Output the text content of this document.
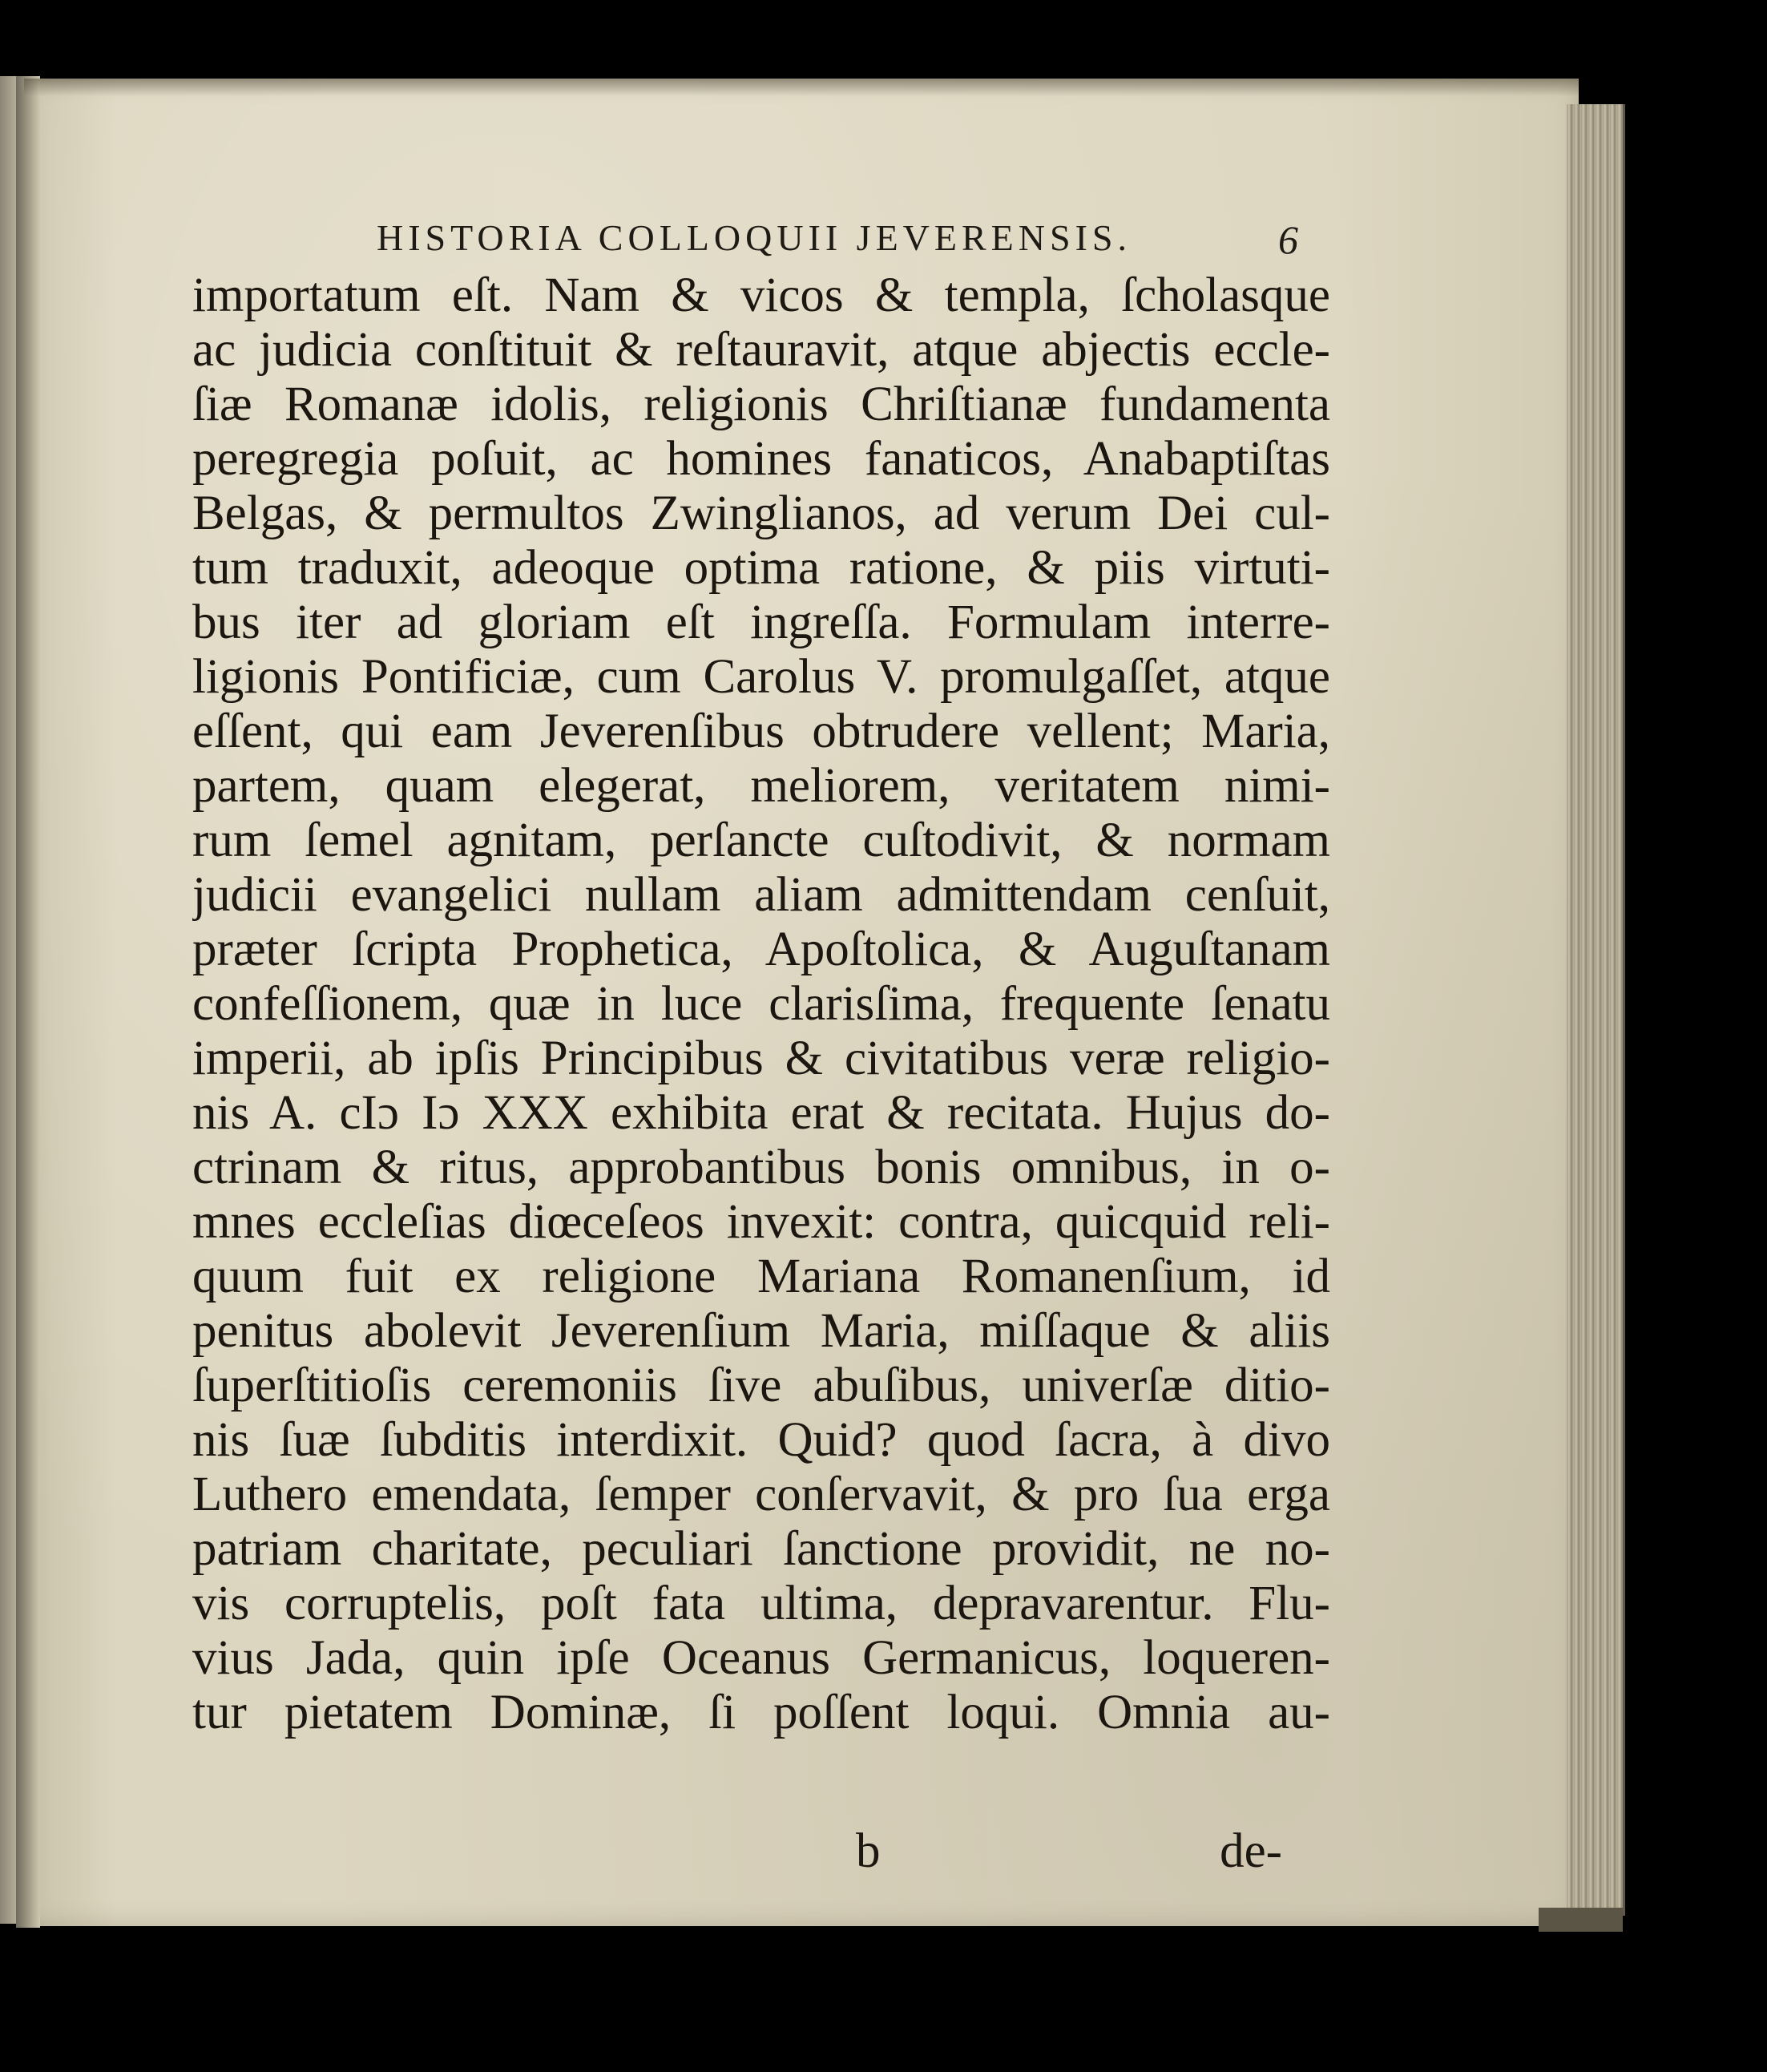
HISTORIA COLLOQUII JEVERENSIS.	6
importatum eſt. Nam & vicos & templa, ſcholasque
ac judicia conſtituit & reſtauravit, atque abjectis eccle-
ſiæ Romanæ idolis, religionis Chriſtianæ fundamenta
peregregia poſuit, ac homines fanaticos, Anabaptiſtas
Belgas, & permultos Zwinglianos, ad verum Dei cul-
tum traduxit, adeoque optima ratione, & piis virtuti-
bus iter ad gloriam eſt ingreſſa. Formulam interre-
ligionis Pontificiæ, cum Carolus V. promulgaſſet, atque
eſſent, qui eam Jeverenſibus obtrudere vellent; Maria,
partem, quam elegerat, meliorem, veritatem nimi-
rum ſemel agnitam, perſancte cuſtodivit, & normam
judicii evangelici nullam aliam admittendam cenſuit,
præter ſcripta Prophetica, Apoſtolica, & Auguſtanam
confeſſionem, quæ in luce clarisſima, frequente ſenatu
imperii, ab ipſis Principibus & civitatibus veræ religio-
nis A. cIɔ Iɔ XXX exhibita erat & recitata. Hujus do-
ctrinam & ritus, approbantibus bonis omnibus, in o-
mnes eccleſias diœceſeos invexit: contra, quicquid reli-
quum fuit ex religione Mariana Romanenſium, id
penitus abolevit Jeverenſium Maria, miſſaque & aliis
ſuperſtitioſis ceremoniis ſive abuſibus, univerſæ ditio-
nis ſuæ ſubditis interdixit. Quid? quod ſacra, à divo
Luthero emendata, ſemper conſervavit, & pro ſua erga
patriam charitate, peculiari ſanctione providit, ne no-
vis corruptelis, poſt fata ultima, depravarentur. Flu-
vius Jada, quin ipſe Oceanus Germanicus, loqueren-
tur pietatem Dominæ, ſi poſſent loqui. Omnia au-
b	de-
